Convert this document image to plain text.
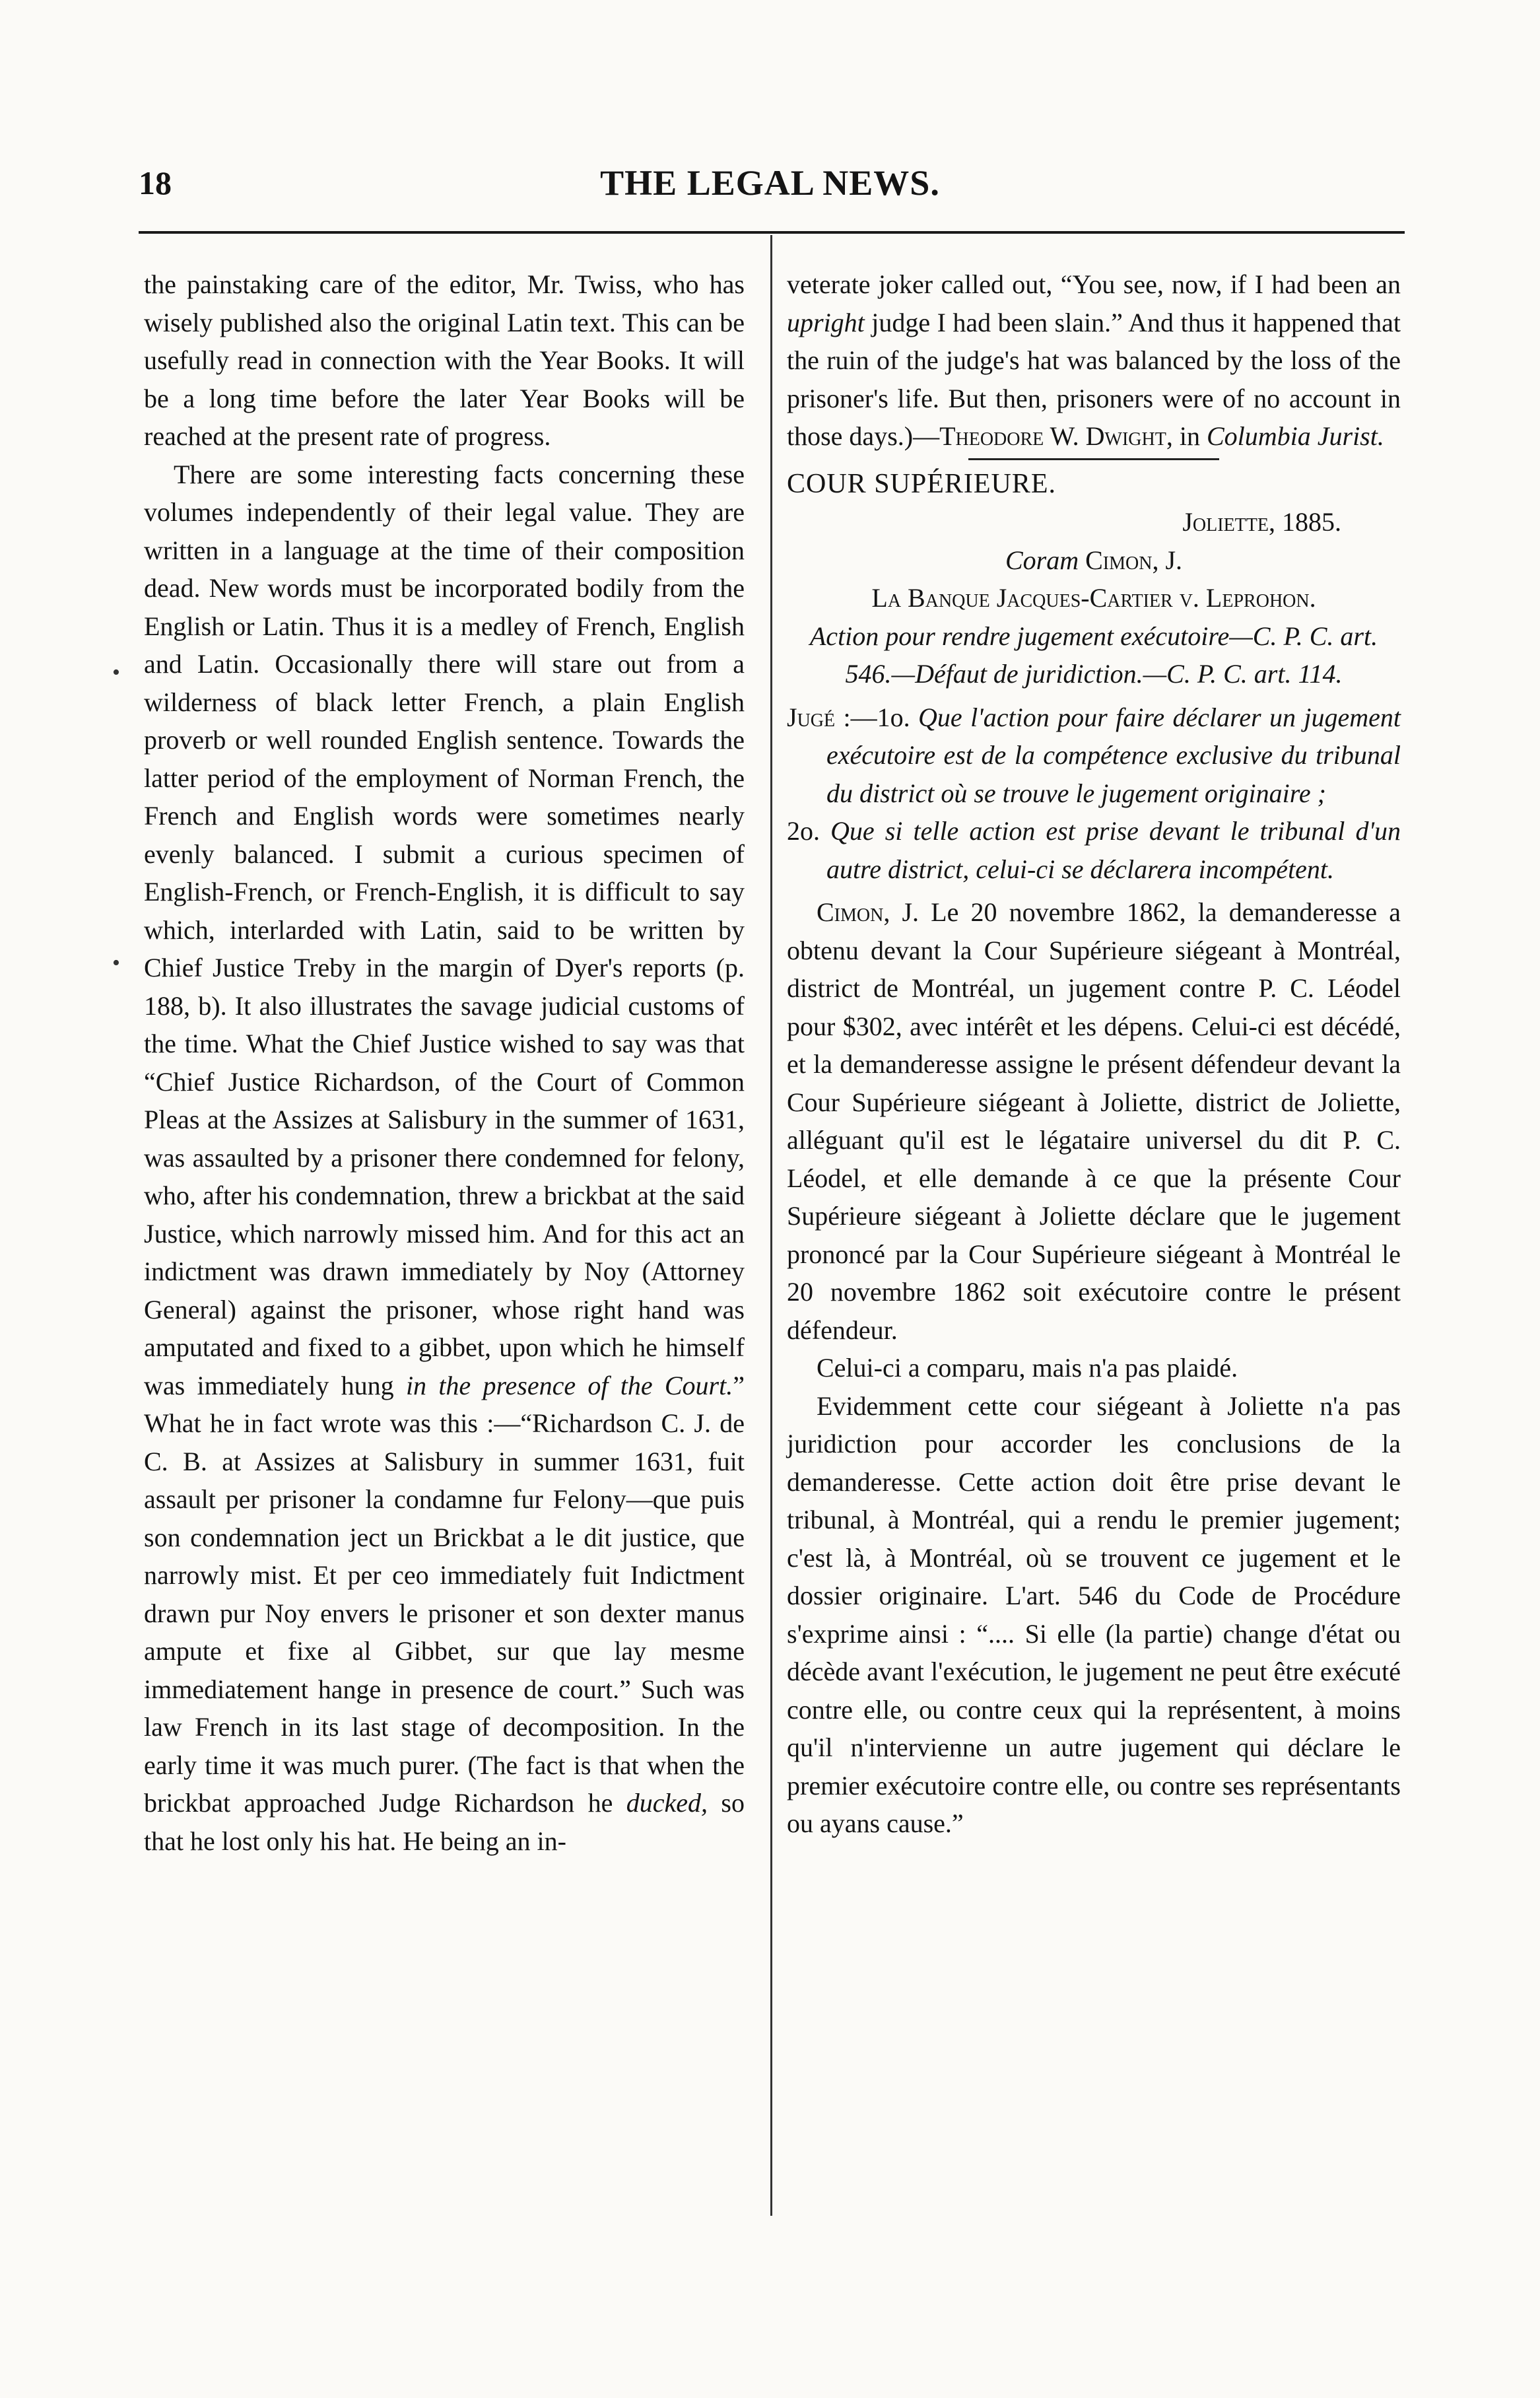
18	THE LEGAL NEWS.
•
•

the painstaking care of the editor, Mr. Twiss, who has wisely published also the original Latin text. This can be usefully read in connection with the Year Books. It will be a long time before the later Year Books will be reached at the present rate of progress.

There are some interesting facts concerning these volumes independently of their legal value. They are written in a language at the time of their composition dead. New words must be incorporated bodily from the English or Latin. Thus it is a medley of French, English and Latin. Occasionally there will stare out from a wilderness of black letter French, a plain English proverb or well rounded English sentence. Towards the latter period of the employment of Norman French, the French and English words were sometimes nearly evenly balanced. I submit a curious specimen of English-French, or French-English, it is difficult to say which, interlarded with Latin, said to be written by Chief Justice Treby in the margin of Dyer's reports (p. 188, b). It also illustrates the savage judicial customs of the time. What the Chief Justice wished to say was that “Chief Justice Richardson, of the Court of Common Pleas at the Assizes at Salisbury in the summer of 1631, was assaulted by a prisoner there condemned for felony, who, after his condemnation, threw a brickbat at the said Justice, which narrowly missed him. And for this act an indictment was drawn immediately by Noy (Attorney General) against the prisoner, whose right hand was amputated and fixed to a gibbet, upon which he himself was immediately hung in the presence of the Court.” What he in fact wrote was this :—“Richardson C. J. de C. B. at Assizes at Salisbury in summer 1631, fuit assault per prisoner la condamne fur Felony—que puis son condemnation ject un Brickbat a le dit justice, que narrowly mist. Et per ceo immediately fuit Indictment drawn pur Noy envers le prisoner et son dexter manus ampute et fixe al Gibbet, sur que lay mesme immediatement hange in presence de court.” Such was law French in its last stage of decomposition. In the early time it was much purer. (The fact is that when the brickbat approached Judge Richardson he ducked, so that he lost only his hat. He being an in-

veterate joker called out, “You see, now, if I had been an upright judge I had been slain.” And thus it happened that the ruin of the judge's hat was balanced by the loss of the prisoner's life. But then, prisoners were of no account in those days.)—Theodore W. Dwight, in Columbia Jurist.

COUR SUPÉRIEURE.

Joliette, 1885.

Coram Cimon, J.

La Banque Jacques-Cartier v. Leprohon.

Action pour rendre jugement exécutoire—C. P. C. art. 546.—Défaut de juridiction.—C. P. C. art. 114.

Jugé :—1o. Que l'action pour faire déclarer un jugement exécutoire est de la compétence exclusive du tribunal du district où se trouve le jugement originaire ;

2o. Que si telle action est prise devant le tribunal d'un autre district, celui-ci se déclarera incompétent.

Cimon, J. Le 20 novembre 1862, la demanderesse a obtenu devant la Cour Supérieure siégeant à Montréal, district de Montréal, un jugement contre P. C. Léodel pour $302, avec intérêt et les dépens. Celui-ci est décédé, et la demanderesse assigne le présent défendeur devant la Cour Supérieure siégeant à Joliette, district de Joliette, alléguant qu'il est le légataire universel du dit P. C. Léodel, et elle demande à ce que la présente Cour Supérieure siégeant à Joliette déclare que le jugement prononcé par la Cour Supérieure siégeant à Montréal le 20 novembre 1862 soit exécutoire contre le présent défendeur.

Celui-ci a comparu, mais n'a pas plaidé.

Evidemment cette cour siégeant à Joliette n'a pas juridiction pour accorder les conclusions de la demanderesse. Cette action doit être prise devant le tribunal, à Montréal, qui a rendu le premier jugement; c'est là, à Montréal, où se trouvent ce jugement et le dossier originaire. L'art. 546 du Code de Procédure s'exprime ainsi : “.... Si elle (la partie) change d'état ou décède avant l'exécution, le jugement ne peut être exécuté contre elle, ou contre ceux qui la représentent, à moins qu'il n'intervienne un autre jugement qui déclare le premier exécutoire contre elle, ou contre ses représentants ou ayans cause.”
